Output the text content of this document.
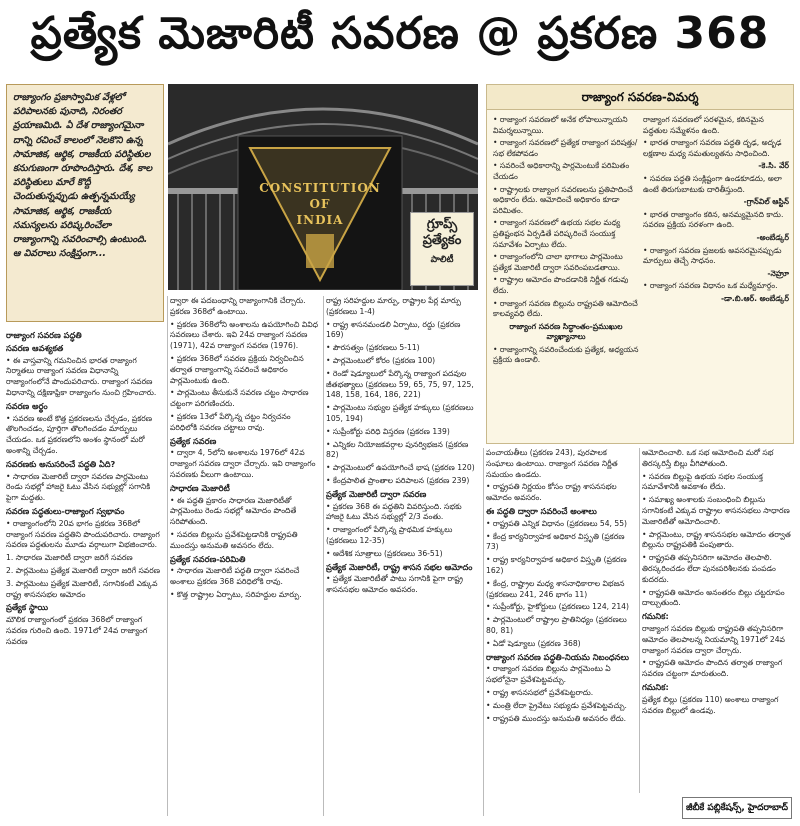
ప్రత్యేక మెజారిటీ సవరణ @ ప్రకరణ 368
రాజ్యాంగం ప్రజాస్వామిక వేళ్లలో పరిపాలనకు పునాది, నిరంతర ప్రయాణమిది. ఏ దేశ రాజ్యాంగమైనా దాన్ని రచించే కాలంలో నెలకొని ఉన్న సామాజిక, ఆర్థిక, రాజకీయ పరిస్థితుల కనుగుణంగా రూపొందిస్తారు. దేశ, కాల పరిస్థితులు మారే కొద్దీ చెందుతున్నప్పుడు ఉత్పన్నమయ్యే సామాజిక, ఆర్థిక, రాజకీయ సమస్యలను పరిష్కరించేలా రాజ్యాంగాన్ని సవరించాల్సి ఉంటుంది. ఆ వివరాలు సంక్షిప్తంగా...
CONSTITUTION
OF
INDIA	గ్రూప్స్
ప్రత్యేకం
పాలిటీ
రాజ్యాంగ సవరణ-విమర్శ

• రాజ్యాంగ సవరణలో అనేక లోపాలున్నాయని విమర్శలున్నాయి.

• రాజ్యాంగ సవరణలో ప్రత్యేక రాజ్యాంగ పరిషత్తు/సభ లేకపోవడం

• సవరించే అధికారాన్ని పార్లమెంటుకే పరిమితం చేయడం

• రాష్ట్రాలకు రాజ్యాంగ సవరణలను ప్రతిపాదించే అధికారం లేదు. ఆమోదించే అధికారం కూడా పరిమితం.

• రాజ్యాంగ సవరణలో ఉభయ సభల మధ్య ప్రతిష్టంభన ఏర్పడితే పరిష్కరించే సంయుక్త సమావేశం ఏర్పాటు లేదు.

• రాజ్యాంగంలోని చాలా భాగాలు పార్లమెంటు ప్రత్యేక మెజారిటీ ద్వారా సవరింపబడతాయి.

• రాష్ట్రాల ఆమోదం పొందడానికి నిర్ణీత గడువు లేదు.

• రాజ్యాంగ సవరణ బిల్లును రాష్ట్రపతి ఆమోదించే కాలవ్యవధి లేదు.

రాజ్యాంగ సవరణ సిద్ధాంతం-ప్రముఖుల వ్యాఖ్యానాలు

• రాజ్యాంగాన్ని సవరించేందుకు ప్రత్యేక, అధ్యయన ప్రక్రియ ఉండాలి.

రాజ్యాంగ సవరణలో సరళమైన, కఠినమైన పద్ధతుల సమ్మేళనం ఉంది.

• భారత రాజ్యాంగ సవరణ పద్ధతి దృఢ, అదృఢ లక్షణాల మధ్య సమతుల్యతను సాధించింది.

-కె.సి. వేర్

• సవరణ పద్ధతి సంక్లిష్టంగా ఉండకూడదు, అలా ఉంటే తిరుగుబాటుకు దారితీస్తుంది.

-గ్రాన్‌విల్ ఆస్టిన్

• భారత రాజ్యాంగం కఠిన, అనమ్యమైనది కాదు. సవరణ ప్రక్రియ సరళంగా ఉంది.

-అంబేడ్కర్

• రాజ్యాంగ సవరణ ప్రజలకు అవసరమైనప్పుడు మార్పులు తెచ్చే సాధనం.

-నెహ్రూ

• రాజ్యాంగ సవరణ విధానం ఒక మధ్యేమార్గం.

-డా.బి.ఆర్. అంబేడ్కర్

రాజ్యాంగ సవరణ పద్ధతి

సవరణ ఆవశ్యకత

• ఈ వాస్తవాన్ని గమనించిన భారత రాజ్యాంగ నిర్మాతలు రాజ్యాంగ సవరణ విధానాన్ని రాజ్యాంగంలోనే పొందుపరిచారు. రాజ్యాంగ సవరణ విధానాన్ని దక్షిణాఫ్రికా రాజ్యాంగం నుంచి గ్రహించారు.

సవరణ అర్థం

• సవరణ అంటే కొత్త ప్రకరణలను చేర్చడం, ప్రకరణ తొలగించడం, పూర్తిగా తొలగించడం మార్పులు చేయడం. ఒక ప్రకరణలోని అంశం స్థానంలో మరో అంశాన్ని చేర్చడం.

సవరణకు అనుసరించే పద్ధతి ఏది?

• సాధారణ మెజారిటీ ద్వారా సవరణ పార్లమెంటు రెండు సభల్లో హాజరై ఓటు వేసిన సభ్యుల్లో సగానికి పైగా మద్దతు.

సవరణ పద్ధతులు-రాజ్యాంగ స్వభావం

• రాజ్యాంగంలోని 20వ భాగం ప్రకరణ 368లో రాజ్యాంగ సవరణ పద్ధతిని పొందుపరిచారు. రాజ్యాంగ సవరణ పద్ధతులను మూడు వర్గాలుగా విభజించారు.

1. సాధారణ మెజారిటీ ద్వారా జరిగే సవరణ

2. పార్లమెంటు ప్రత్యేక మెజారిటీ ద్వారా జరిగే సవరణ

3. పార్లమెంటు ప్రత్యేక మెజారిటీ, సగానికంటే ఎక్కువ రాష్ట్ర శాసనసభల ఆమోదం

ప్రత్యేక స్థాయి

మౌలిక రాజ్యాంగంలో ప్రకరణ 368లో రాజ్యాంగ సవరణ గురించి ఉంది. 1971లో 24వ రాజ్యాంగ సవరణ

ద్వారా ఈ పదబంధాన్ని రాజ్యాంగానికి చేర్చారు. ప్రకరణ 368లో ఉంటాయి.

• ప్రకరణ 368లోని అంశాలను ఉపయోగించి వివిధ సవరణలు చేశారు. ఇవి 24వ రాజ్యాంగ సవరణ (1971), 42వ రాజ్యాంగ సవరణ (1976).

• ప్రకరణ 368లో సవరణ ప్రక్రియ నిర్వచించిన తర్వాత రాజ్యాంగాన్ని సవరించే అధికారం పార్లమెంటుకు ఉంది.

• పార్లమెంటు తీసుకునే సవరణ చట్టం సాధారణ చట్టంగా పరిగణించరు.

• ప్రకరణ 13లో పేర్కొన్న చట్టం నిర్వచనం పరిధిలోకి సవరణ చట్టాలు రావు.

ప్రత్యేక సవరణ

• ద్వారా 4, 5లోని అంశాలను 1976లో 42వ రాజ్యాంగ సవరణ ద్వారా చేర్చారు. ఇవి రాజ్యాంగం సవరణకు వీలుగా ఉంటాయి.

సాధారణ మెజారిటీ

• ఈ పద్ధతి ప్రకారం సాధారణ మెజారిటీతో పార్లమెంటు రెండు సభల్లో ఆమోదం పొందితే సరిపోతుంది.

• సవరణ బిల్లును ప్రవేశపెట్టడానికి రాష్ట్రపతి ముందస్తు అనుమతి అవసరం లేదు.

ప్రత్యేక సవరణ-పరిమితి

• సాధారణ మెజారిటీ పద్ధతి ద్వారా సవరించే అంశాలు ప్రకరణ 368 పరిధిలోకి రావు.

• కొత్త రాష్ట్రాల ఏర్పాటు, సరిహద్దుల మార్పు.

రాష్ట్ర సరిహద్దుల మార్పు, రాష్ట్రాల పేర్ల మార్పు (ప్రకరణలు 1-4)

• రాష్ట్ర శాసనమండలి ఏర్పాటు, రద్దు (ప్రకరణ 169)

• పౌరసత్వం (ప్రకరణలు 5-11)

• పార్లమెంటులో కోరం (ప్రకరణ 100)

• రెండో షెడ్యూలులో పేర్కొన్న రాజ్యాంగ పదవుల జీతభత్యాలు (ప్రకరణలు 59, 65, 75, 97, 125, 148, 158, 164, 186, 221)

• పార్లమెంటు సభ్యుల ప్రత్యేక హక్కులు (ప్రకరణలు 105, 194)

• సుప్రీంకోర్టు పరిధి విస్తరణ (ప్రకరణ 139)

• ఎన్నికల నియోజకవర్గాల పునర్విభజన (ప్రకరణ 82)

• పార్లమెంటులో ఉపయోగించే భాష (ప్రకరణ 120)

• కేంద్రపాలిత ప్రాంతాల పరిపాలన (ప్రకరణ 239)

ప్రత్యేక మెజారిటీ ద్వారా సవరణ

• ప్రకరణ 368 ఈ పద్ధతిని వివరిస్తుంది. సభకు హాజరై ఓటు వేసిన సభ్యుల్లో 2/3 వంతు.

• రాజ్యాంగంలో పేర్కొన్న ప్రాథమిక హక్కులు (ప్రకరణలు 12-35)

• ఆదేశిక సూత్రాలు (ప్రకరణలు 36-51)

ప్రత్యేక మెజారిటీ, రాష్ట్ర శాసన సభల ఆమోదం

• ప్రత్యేక మెజారిటీతో పాటు సగానికి పైగా రాష్ట్ర శాసనసభల ఆమోదం అవసరం.

పంచాయతీలు (ప్రకరణ 243), పురపాలక సంఘాలు ఉంటాయి. రాజ్యాంగ సవరణ నిర్ణీత సమయం ఉండదు.

• రాష్ట్రపతి నిర్ణయం కోసం రాష్ట్ర శాసనసభల ఆమోదం అవసరం.

ఈ పద్ధతి ద్వారా సవరించే అంశాలు

• రాష్ట్రపతి ఎన్నిక విధానం (ప్రకరణలు 54, 55)

• కేంద్ర కార్యనిర్వాహక అధికార విస్తృతి (ప్రకరణ 73)

• రాష్ట్ర కార్యనిర్వాహక అధికార విస్తృతి (ప్రకరణ 162)

• కేంద్ర, రాష్ట్రాల మధ్య శాసనాధికారాల విభజన (ప్రకరణలు 241, 246 భాగం 11)

• సుప్రీంకోర్టు, హైకోర్టులు (ప్రకరణలు 124, 214)

• పార్లమెంటులో రాష్ట్రాల ప్రాతినిధ్యం (ప్రకరణలు 80, 81)

• ఏడో షెడ్యూలు (ప్రకరణ 368)

రాజ్యాంగ సవరణ పద్ధతి-నియమ నిబంధనలు

• రాజ్యాంగ సవరణ బిల్లును పార్లమెంటు ఏ సభలోనైనా ప్రవేశపెట్టవచ్చు.

• రాష్ట్ర శాసనసభలో ప్రవేశపెట్టరాదు.

• మంత్రి లేదా ప్రైవేటు సభ్యుడు ప్రవేశపెట్టవచ్చు.

• రాష్ట్రపతి ముందస్తు అనుమతి అవసరం లేదు.

ఆమోదించాలి. ఒక సభ ఆమోదించి మరో సభ తిరస్కరిస్తే బిల్లు వీగిపోతుంది.

• సవరణ బిల్లుపై ఉభయ సభల సంయుక్త సమావేశానికి అవకాశం లేదు.

• సమాఖ్య అంశాలకు సంబంధించి బిల్లును సగానికంటే ఎక్కువ రాష్ట్రాల శాసనసభలు సాధారణ మెజారిటీతో ఆమోదించాలి.

• పార్లమెంటు, రాష్ట్ర శాసనసభల ఆమోదం తర్వాత బిల్లును రాష్ట్రపతికి పంపుతారు.

• రాష్ట్రపతి తప్పనిసరిగా ఆమోదం తెలపాలి. తిరస్కరించడం లేదా పునఃపరిశీలనకు పంపడం కుదరదు.

• రాష్ట్రపతి ఆమోదం అనంతరం బిల్లు చట్టరూపం దాల్చుతుంది.

గమనిక:

రాజ్యాంగ సవరణ బిల్లుకు రాష్ట్రపతి తప్పనిసరిగా ఆమోదం తెలపాలన్న నియమాన్ని 1971లో 24వ రాజ్యాంగ సవరణ ద్వారా చేర్చారు.

• రాష్ట్రపతి ఆమోదం పొందిన తర్వాత రాజ్యాంగ సవరణ చట్టంగా మారుతుంది.

గమనిక:

ప్రత్యేక బిల్లు (ప్రకరణ 110) అంశాలు రాజ్యాంగ సవరణ బిల్లులో ఉండవు.

జీబీకే పబ్లికేషన్స్, హైదరాబాద్
